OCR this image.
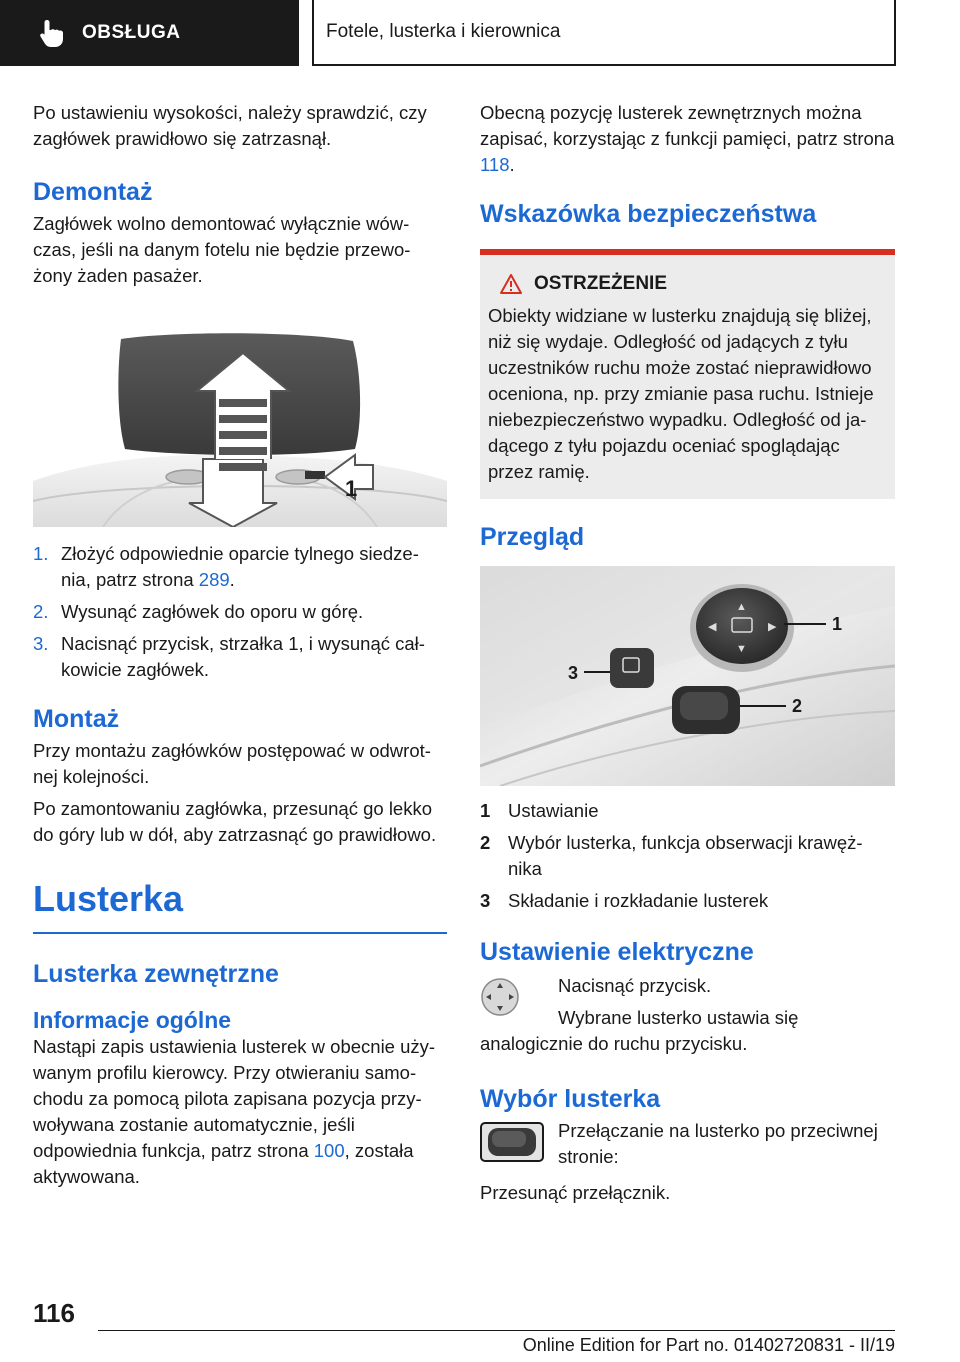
OBSŁUGA	Fotele, lusterka i kierownica

Po ustawieniu wysokości, należy sprawdzić, czy zagłówek prawidłowo się zatrzasnął.

Demontaż

Zagłówek wolno demontować wyłącznie wów-czas, jeśli na danym fotelu nie będzie przewo-żony żaden pasażer.

1
1. Złożyć odpowiednie oparcie tylnego siedze-nia, patrz strona 289.
2. Wysunąć zagłówek do oporu w górę.
3. Nacisnąć przycisk, strzałka 1, i wysunąć cał-kowicie zagłówek.
Montaż

Przy montażu zagłówków postępować w odwrot-nej kolejności.

Po zamontowaniu zagłówka, przesunąć go lekko do góry lub w dół, aby zatrzasnąć go prawidłowo.

Lusterka
Lusterka zewnętrzne
Informacje ogólne

Nastąpi zapis ustawienia lusterek w obecnie uży-wanym profilu kierowcy. Przy otwieraniu samo-chodu za pomocą pilota zapisana pozycja przy-woływana zostanie automatycznie, jeśli odpowiednia funkcja, patrz strona 100, została aktywowana.

Obecną pozycję lusterek zewnętrznych można zapisać, korzystając z funkcji pamięci, patrz strona 118.

Wskazówka bezpieczeństwa
OSTRZEŻENIE

Obiekty widziane w lusterku znajdują się bliżej, niż się wydaje. Odległość od jadących z tyłu uczestników ruchu może zostać nieprawidłowo oceniona, np. przy zmianie pasa ruchu. Istnieje niebezpieczeństwo wypadku. Odległość od ja-dącego z tyłu pojazdu oceniać spoglądając przez ramię.

Przegląd
▲
▼
◀	▶	1
2
3
1 Ustawianie
2 Wybór lusterka, funkcja obserwacji krawęż-nika
3 Składanie i rozkładanie lusterek
Ustawienie elektryczne

Nacisnąć przycisk.

Wybrane lusterko ustawia się analogicznie do ruchu przycisku.

Wybór lusterka

Przełączanie na lusterko po przeciwnej stronie:

Przesunąć przełącznik.

116
Online Edition for Part no. 01402720831 - II/19
